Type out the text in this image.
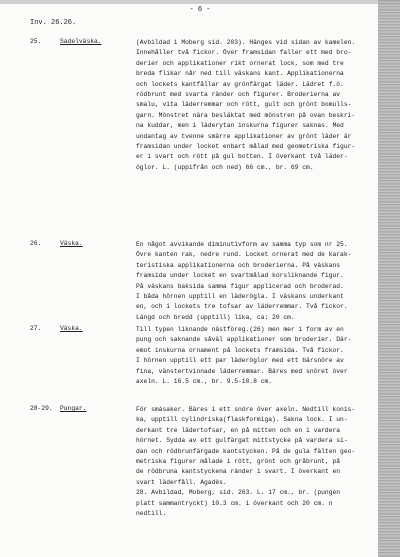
- 6 -
Inv. 26.26.
25.	Sadelväska.	(Avbildad i Moberg sid. 203). Hänges vid sidan av kamelen.
Innehåller två fickor. Över framsidan faller ett med bro-
derier och applikationer rikt ornerat lock, som med tre
breda flikar når ned till väskans kant. Applikationerna
och lockets kantfållar av grönfärgat läder. Lädret f.ö.
rödbrunt med svarta ränder och figurer. Broderierna av
smalu, vita läderremmar och rött, gult och grönt bomulls-
garn. Mönstret nära besläktat med mönstren på ovan beskri-
na kuddar, men i läderytan inskurna figurer saknas. Med
undantag av tvenne smärre applikationer av grönt läder är
framsidan under locket enbart målad med geometriska figur-
er i svart och rött på gul botten. I överkant två läder-
öglor. L. (uppifrån och ned) 66 cm., br. 69 cm.
26.	Väska.	En något avvikande diminutivform av samma typ som nr 25.
Övre kanten rak, nedre rund. Locket ornerat med de karak-
teristiska applikationerna och broderierna. På väskans
framsida under locket en svartmålad korsliknande figur.
På väskans baksida samma figur applicerad och broderad.
I båda hörnen upptill en läderögla. I väskans underkant
en, och i lockets tre tofsar av läderremmar. Två fickor.
Längd och bredd (upptill) lika, ca: 20 cm.
27.	Väska.	Till typen liknande nästföreg.(26) men mer i form av en
pung och saknande såväl applikationer som broderier. Där-
emot inskurna ornament på lockets framsida. Två fickor.
I hörnen upptill ett par läderöglor med ett bärsnöre av
fina, vänstertvinnade läderremmar. Bäres med snöret över
axeln. L. 16.5 cm., br. 9.5-10.8 cm.
28-29.	Pungar.	För smásaker. Bäres i ett snöre över axeln. Nedtill konis-
ka, upptill cylindriska(flaskformiga). Sakna lock. I un-
derkant tre lädertofsar, en på mitten och en i vardera
hörnet. Sydda av ett gulfärgat mittstycke på vardera si-
dan och rödbrunfärgade kantstycken. På de gula fälten geo-
metriska figurer målade i rött, grönt och gråbrunt, på
de rödbruna kantstyckena ränder i svart. I överkant en
svart läderfåll. Agadès.
28. Avbildad, Moberg, sid. 263. L. 17 cm., br. (pungen
platt sammantryckt) 10.3 cm. i överkant och 20 cm. n
nedtill.
